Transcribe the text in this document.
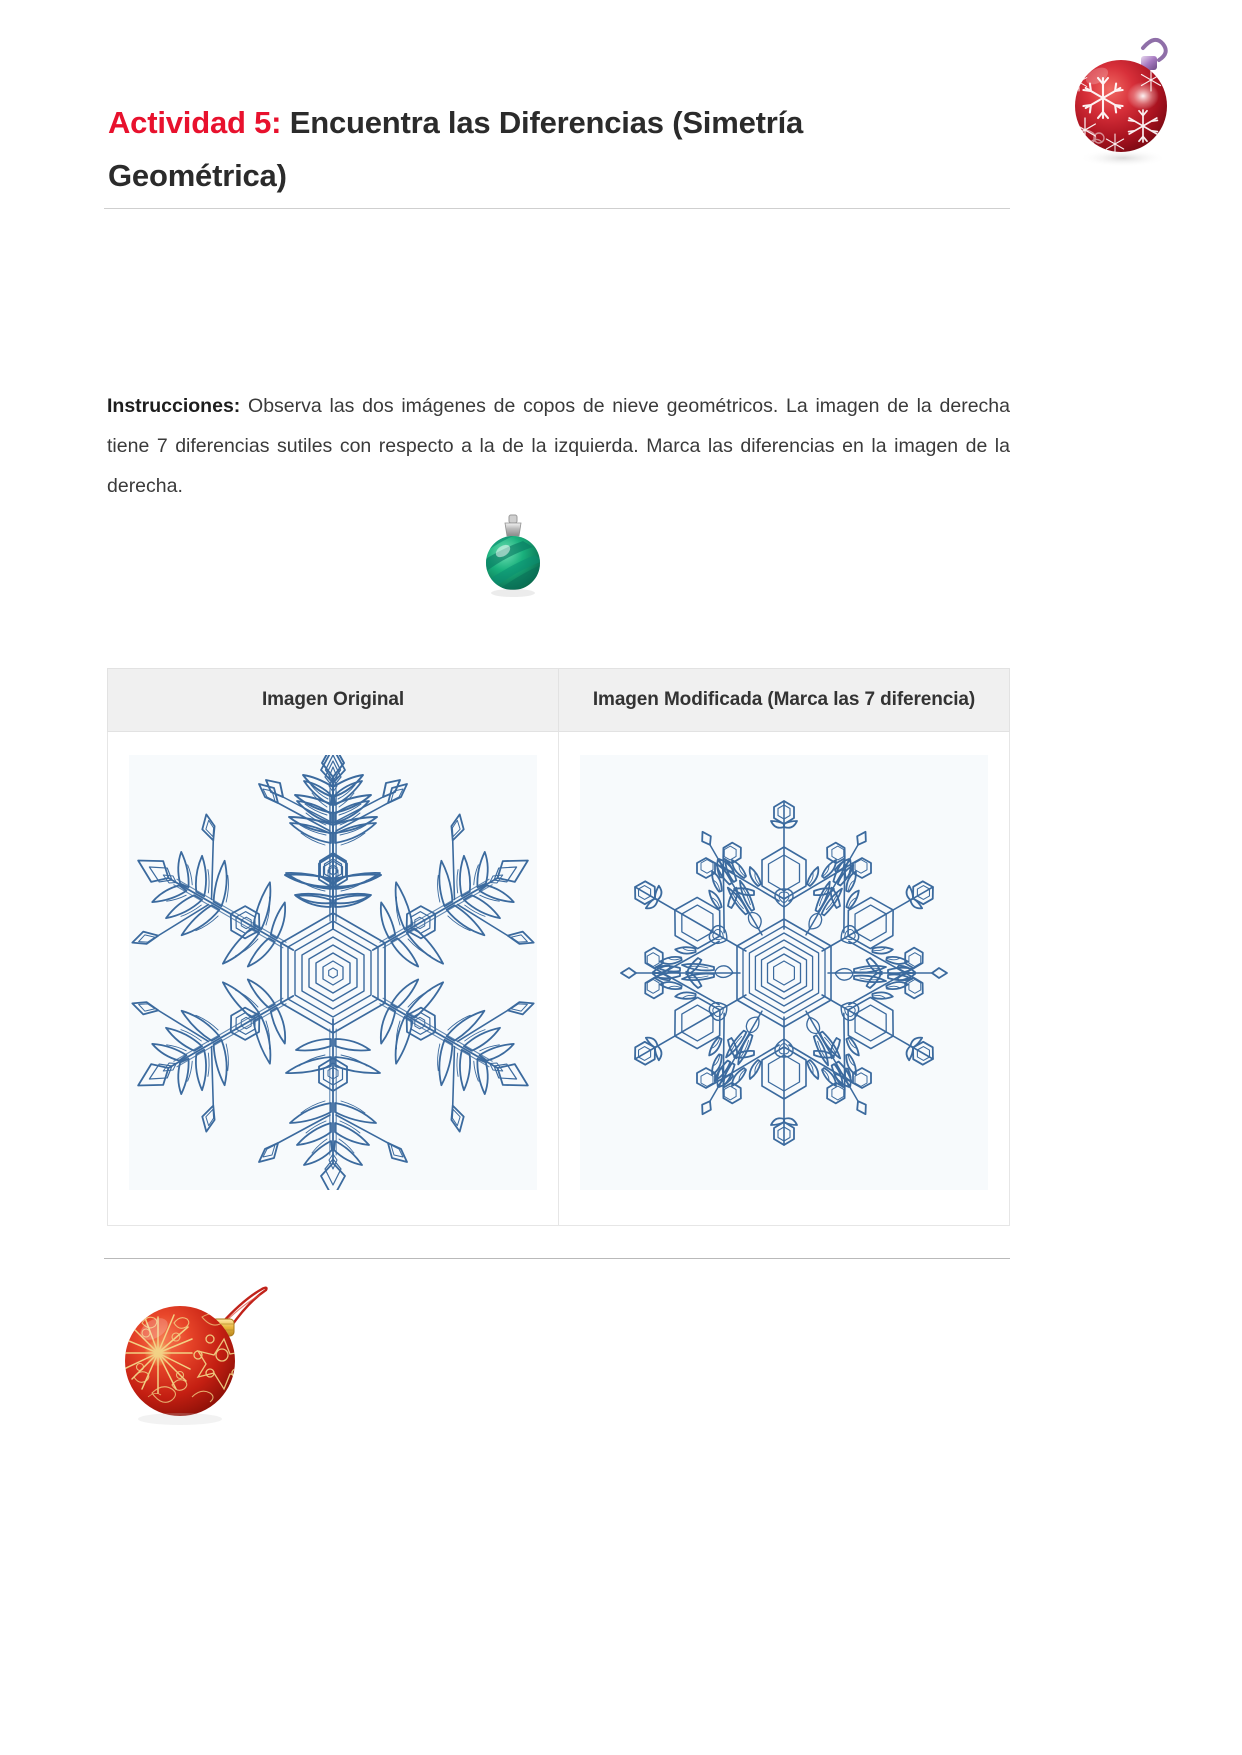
Actividad 5: Encuentra las Diferencias (Simetría Geométrica)

Instrucciones: Observa las dos imágenes de copos de nieve geométricos. La imagen de la derecha tiene 7 diferencias sutiles con respecto a la de la izquierda. Marca las diferencias en la imagen de la derecha.

Imagen Original	Imagen Modificada (Marca las 7 diferencia)
